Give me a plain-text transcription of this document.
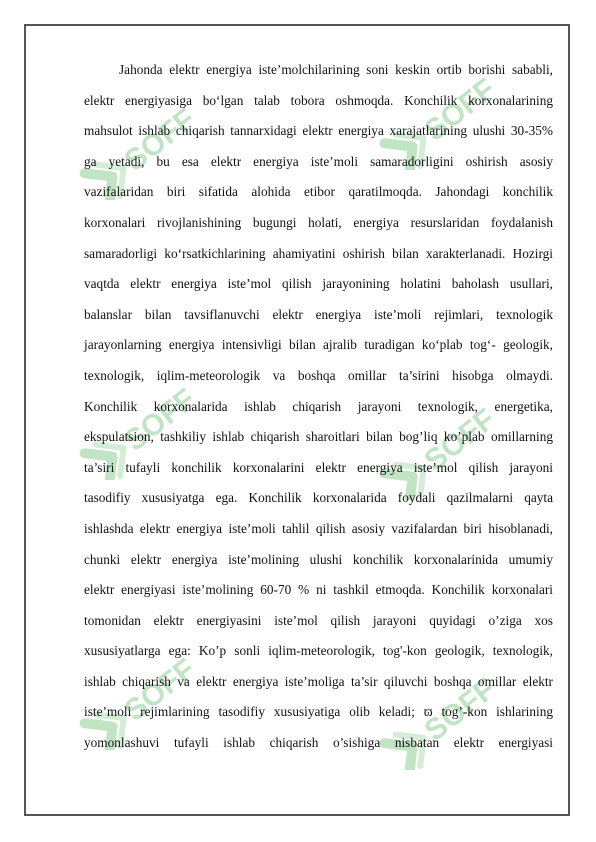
SOFF	SOFF
SOFF	SOFF
SOFF	SOFF
Jahonda elektr energiya iste’molchilarining soni keskin ortib borishi sababli,
elektr energiyasiga bo‘lgan talab tobora oshmoqda. Konchilik korxonalarining
mahsulot ishlab chiqarish tannarxidagi elektr energiya xarajatlarining ulushi 30-35%
ga yetadi, bu esa elektr energiya iste’moli samaradorligini oshirish asosiy
vazifalaridan biri sifatida alohida etibor qaratilmoqda. Jahondagi konchilik
korxonalari rivojlanishining bugungi holati, energiya resurslaridan foydalanish
samaradorligi ko‘rsatkichlarining ahamiyatini oshirish bilan xarakterlanadi. Hozirgi
vaqtda elektr energiya iste’mol qilish jarayonining holatini baholash usullari,
balanslar bilan tavsiflanuvchi elektr energiya iste’moli rejimlari, texnologik
jarayonlarning energiya intensivligi bilan ajralib turadigan ko‘plab tog‘- geologik,
texnologik, iqlim-meteorologik va boshqa omillar ta’sirini hisobga olmaydi.
Konchilik korxonalarida ishlab chiqarish jarayoni texnologik, energetika,
ekspulatsion, tashkiliy ishlab chiqarish sharoitlari bilan bog’liq ko’plab omillarning
ta’siri tufayli konchilik korxonalarini elektr energiya iste’mol qilish jarayoni
tasodifiy xususiyatga ega. Konchilik korxonalarida foydali qazilmalarni qayta
ishlashda elektr energiya iste’moli tahlil qilish asosiy vazifalardan biri hisoblanadi,
chunki elektr energiya iste’molining ulushi konchilik korxonalarinida umumiy
elektr energiyasi iste’molining 60-70 % ni tashkil etmoqda. Konchilik korxonalari
tomonidan elektr energiyasini iste’mol qilish jarayoni quyidagi o’ziga xos
xususiyatlarga ega: Ko’p sonli iqlim-meteorologik, tog'-kon geologik, texnologik,
ishlab chiqarish va elektr energiya iste’moliga ta’sir qiluvchi boshqa omillar elektr
iste’moli rejimlarining tasodifiy xususiyatiga olib keladi; ϖ tog’-kon ishlarining
yomonlashuvi tufayli ishlab chiqarish o’sishiga nisbatan elektr energiyasi
